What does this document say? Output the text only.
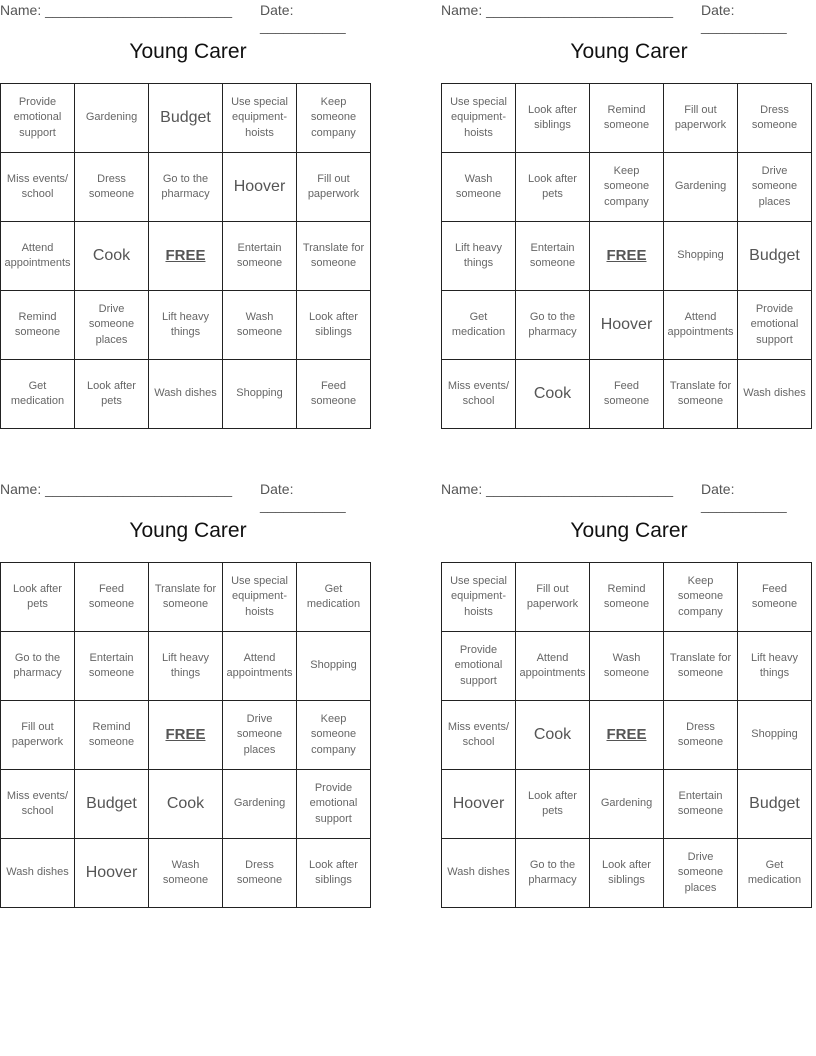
Name: ________________________ Date: ___________
Young Carer
Provide emotional support	Gardening	Budget	Use special equipment-hoists	Keep someone company
Miss events/ school	Dress someone	Go to the pharmacy	Hoover	Fill out paperwork
Attend appointments	Cook	FREE	Entertain someone	Translate for someone
Remind someone	Drive someone places	Lift heavy things	Wash someone	Look after siblings
Get medication	Look after pets	Wash dishes	Shopping	Feed someone
Name: ________________________ Date: ___________
Young Carer
Use special equipment-hoists	Look after siblings	Remind someone	Fill out paperwork	Dress someone
Wash someone	Look after pets	Keep someone company	Gardening	Drive someone places
Lift heavy things	Entertain someone	FREE	Shopping	Budget
Get medication	Go to the pharmacy	Hoover	Attend appointments	Provide emotional support
Miss events/ school	Cook	Feed someone	Translate for someone	Wash dishes
Name: ________________________ Date: ___________
Young Carer
Look after pets	Feed someone	Translate for someone	Use special equipment-hoists	Get medication
Go to the pharmacy	Entertain someone	Lift heavy things	Attend appointments	Shopping
Fill out paperwork	Remind someone	FREE	Drive someone places	Keep someone company
Miss events/ school	Budget	Cook	Gardening	Provide emotional support
Wash dishes	Hoover	Wash someone	Dress someone	Look after siblings
Name: ________________________ Date: ___________
Young Carer
Use special equipment-hoists	Fill out paperwork	Remind someone	Keep someone company	Feed someone
Provide emotional support	Attend appointments	Wash someone	Translate for someone	Lift heavy things
Miss events/ school	Cook	FREE	Dress someone	Shopping
Hoover	Look after pets	Gardening	Entertain someone	Budget
Wash dishes	Go to the pharmacy	Look after siblings	Drive someone places	Get medication
